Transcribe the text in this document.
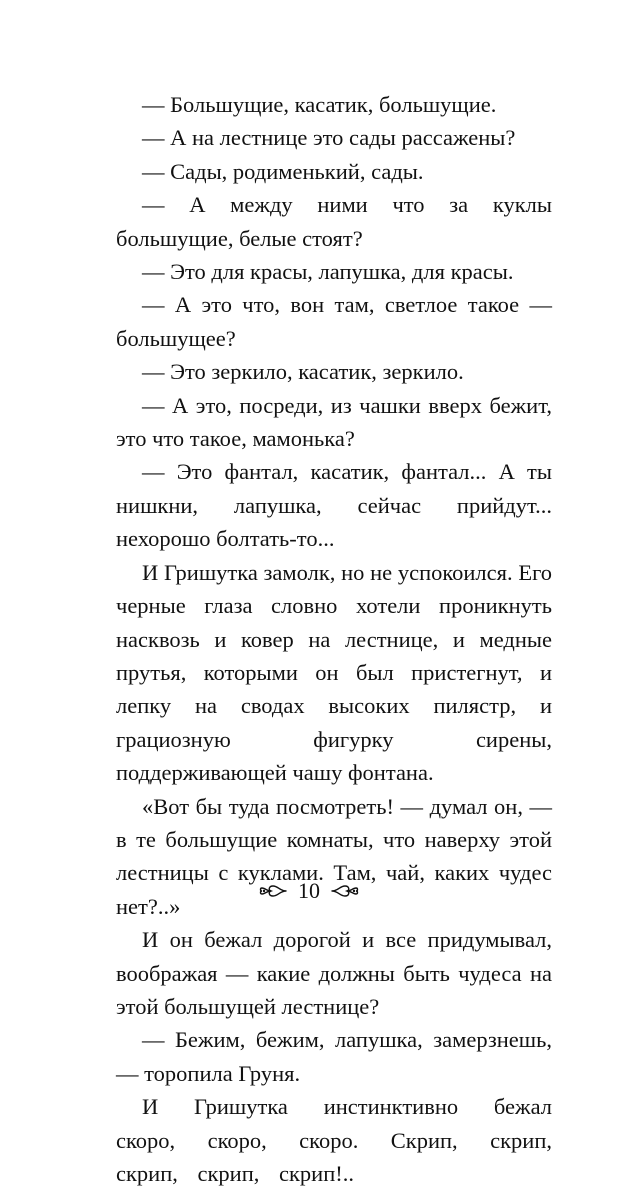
— Большущие, касатик, большущие.

— А на лестнице это сады рассажены?

— Сады, родименький, сады.

— А между ними что за куклы большущие, белые стоят?

— Это для красы, лапушка, для красы.

— А это что, вон там, светлое такое — большущее?

— Это зеркило, касатик, зеркило.

— А это, посреди, из чашки вверх бежит, это что такое, мамонька?

— Это фантал, касатик, фантал... А ты нишкни, лапушка, сейчас прийдут... нехорошо болтать-то...

И Гришутка замолк, но не успокоился. Его черные глаза словно хотели проникнуть насквозь и ковер на лестнице, и медные прутья, которыми он был пристегнут, и лепку на сводах высоких пилястр, и грациозную фигурку сирены, поддерживающей чашу фонтана.

«Вот бы туда посмотреть! — думал он, — в те большущие комнаты, что наверху этой лестницы с куклами. Там, чай, каких чудес нет?..»

И он бежал дорогой и все придумывал, воображая — какие должны быть чудеса на этой большущей лестнице?

— Бежим, бежим, лапушка, замерзнешь, — торопила Груня.

И Гришутка инстинктивно бежал скоро, скоро, скоро. Скрип, скрип, скрип, скрип, скрип!..

10
